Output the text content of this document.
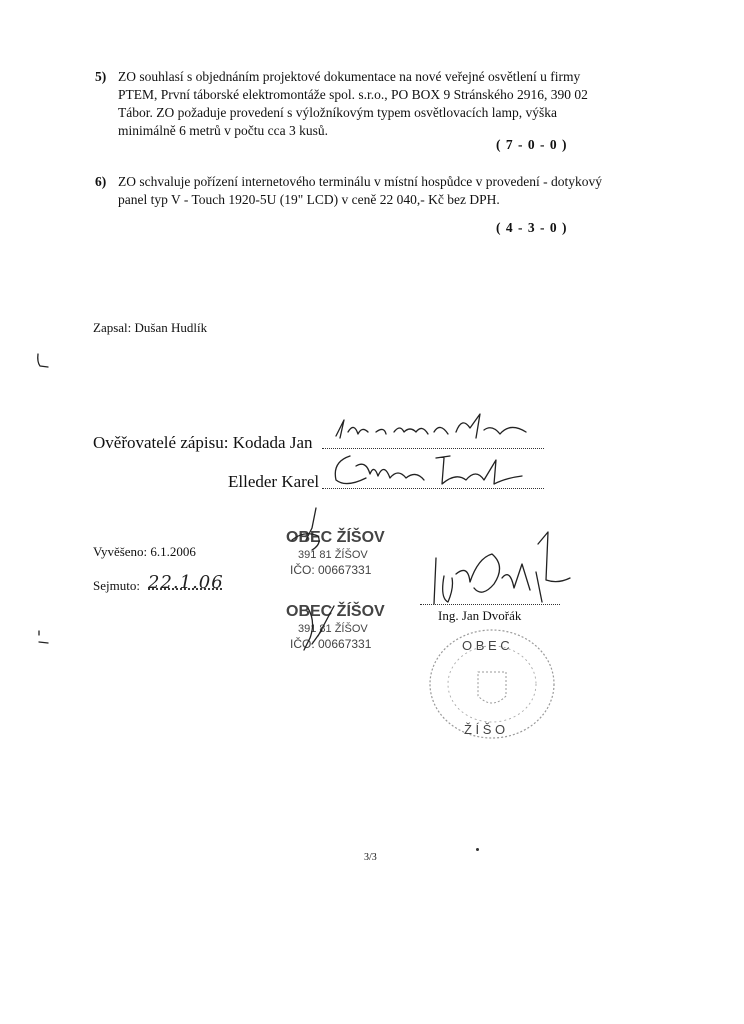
5) ZO souhlasí s objednáním projektové dokumentace na nové veřejné osvětlení u firmy
PTEM, První táborské elektromontáže spol. s.r.o., PO BOX 9 Stránského 2916, 390 02
Tábor. ZO požaduje provedení s výložníkovým typem osvětlovacích lamp, výška
minimálně 6 metrů v počtu cca 3 kusů.
( 7 - 0 - 0 )
6) ZO schvaluje pořízení internetového terminálu v místní hospůdce v provedení - dotykový
panel typ V - Touch 1920-5U (19" LCD) v ceně 22 040,- Kč bez DPH.
( 4 - 3 - 0 )
Zapsal: Dušan Hudlík
Ověřovatelé zápisu: Kodada Jan
Elleder Karel
Vyvěšeno: 6.1.2006
Sejmuto: 22.1.06
OBEC ŽÍŠOV
391 81 ŽÍŠOV
IČO: 00667331
OBEC ŽÍŠOV
391 81 ŽÍŠOV
IČO: 00667331
Ing. Jan Dvořák
O B E C
Ž Í Š O
3/3
